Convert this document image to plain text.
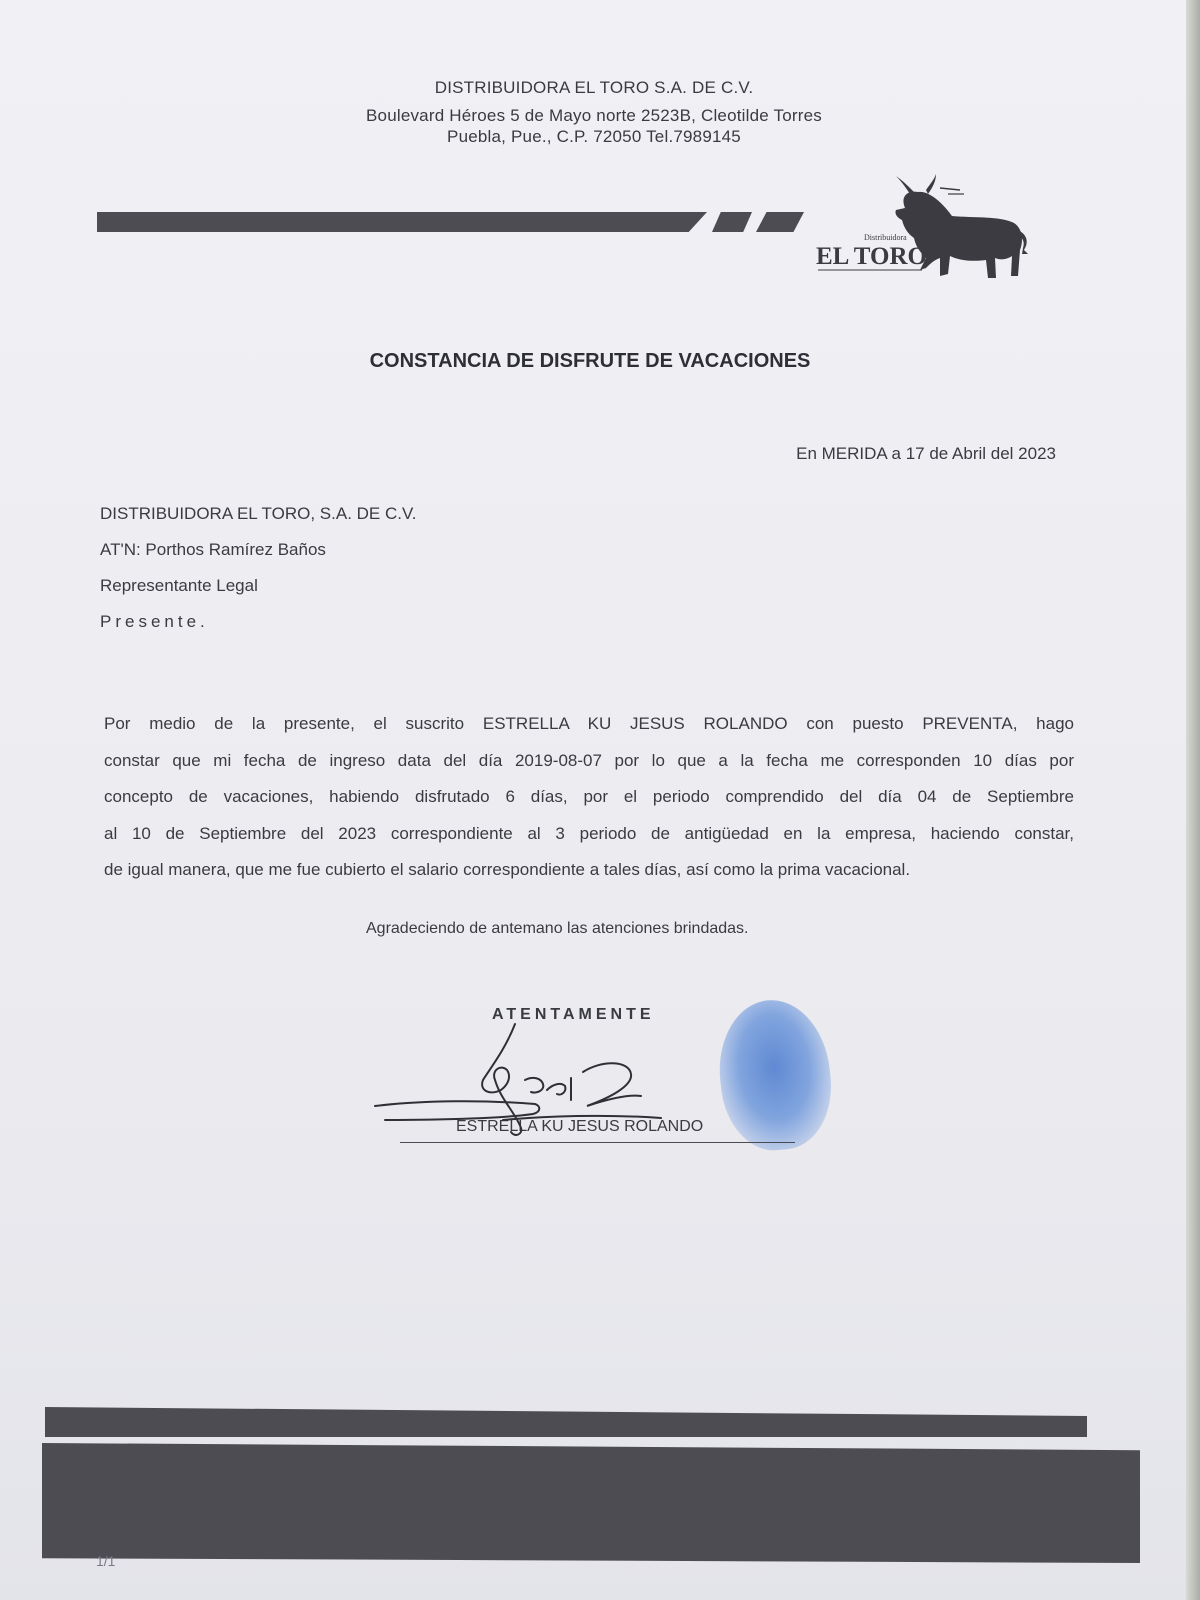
DISTRIBUIDORA EL TORO S.A. DE C.V.

Boulevard Héroes 5 de Mayo norte 2523B, Cleotilde Torres

Puebla, Pue., C.P. 72050 Tel.7989145

Distribuidora
EL TORO

CONSTANCIA DE DISFRUTE DE VACACIONES

En MERIDA a 17 de Abril del 2023

DISTRIBUIDORA EL TORO, S.A. DE C.V.

AT'N: Porthos Ramírez Baños

Representante Legal

Presente.

Por medio de la presente, el suscrito ESTRELLA KU JESUS ROLANDO con puesto PREVENTA, hago
constar que mi fecha de ingreso data del día 2019-08-07 por lo que a la fecha me corresponden 10 días por
concepto de vacaciones, habiendo disfrutado 6 días, por el periodo comprendido del día 04 de Septiembre
al 10 de Septiembre del 2023 correspondiente al 3 periodo de antigüedad en la empresa, haciendo constar,
de igual manera, que me fue cubierto el salario correspondiente a tales días, así como la prima vacacional.

Agradeciendo de antemano las atenciones brindadas.

ATENTAMENTE

ESTRELLA KU JESUS ROLANDO

1/1
